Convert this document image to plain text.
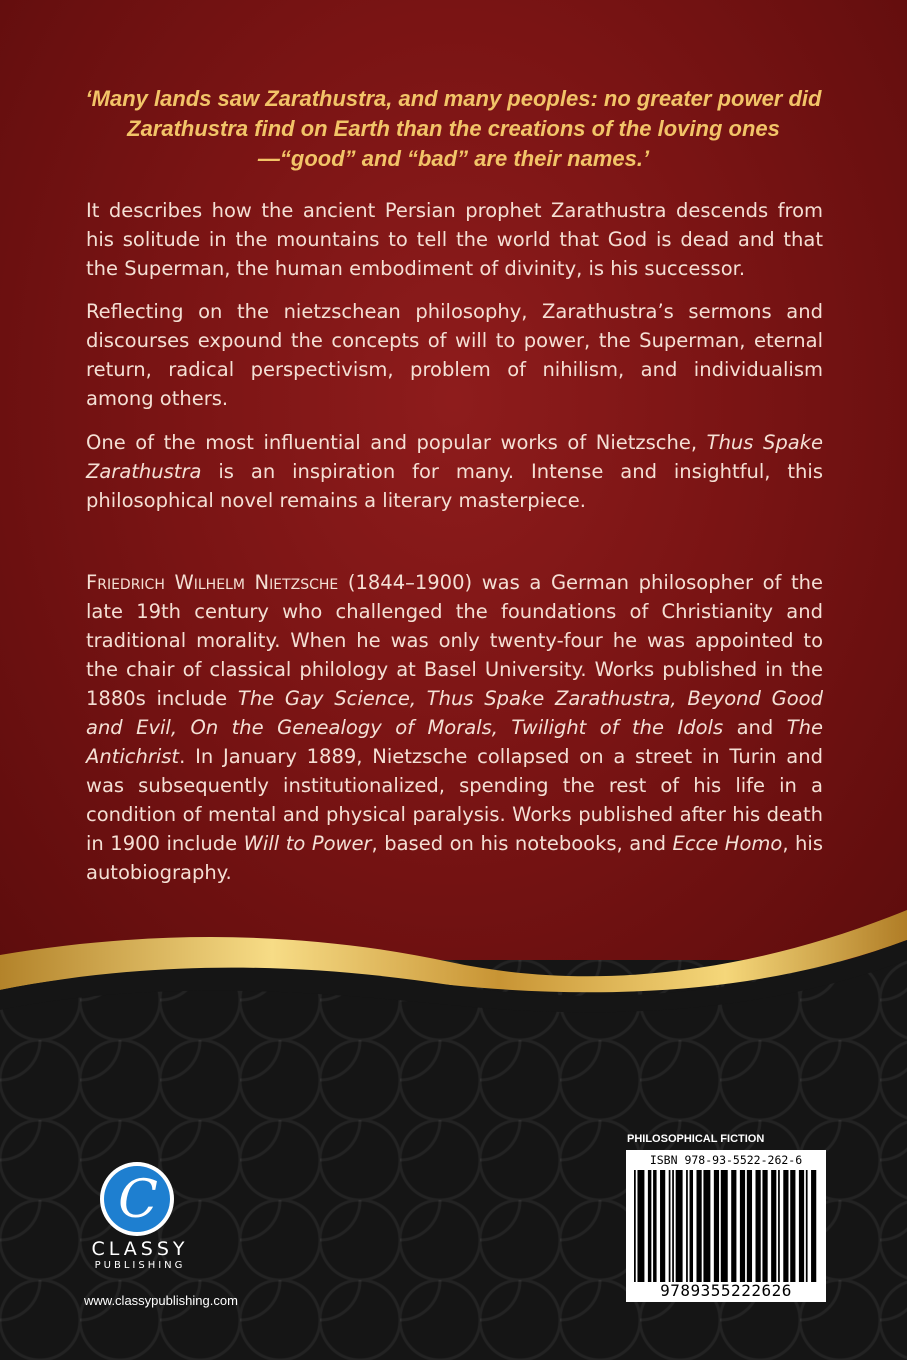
‘Many lands saw Zarathustra, and many peoples: no greater power did Zarathustra find on Earth than the creations of the loving ones—“good” and “bad” are their names.’

It describes how the ancient Persian prophet Zarathustra descends from his solitude in the mountains to tell the world that God is dead and that the Superman, the human embodiment of divinity, is his successor.

Reflecting on the nietzschean philosophy, Zarathustra’s sermons and discourses expound the concepts of will to power, the Superman, eternal return, radical perspectivism, problem of nihilism, and individualism among others.

One of the most influential and popular works of Nietzsche, Thus Spake Zarathustra is an inspiration for many. Intense and insightful, this philosophical novel remains a literary masterpiece.

Friedrich Wilhelm Nietzsche (1844–1900) was a German philosopher of the late 19th century who challenged the foundations of Christianity and traditional morality. When he was only twenty-four he was appointed to the chair of classical philology at Basel University. Works published in the 1880s include The Gay Science, Thus Spake Zarathustra, Beyond Good and Evil, On the Genealogy of Morals, Twilight of the Idols and The Antichrist. In January 1889, Nietzsche collapsed on a street in Turin and was subsequently institutionalized, spending the rest of his life in a condition of mental and physical paralysis. Works published after his death in 1900 include Will to Power, based on his notebooks, and Ecce Homo, his autobiography.

C
CLASSY
PUBLISHING
www.classypublishing.com
PHILOSOPHICAL FICTION
ISBN 978-93-5522-262-6
9789355222626
